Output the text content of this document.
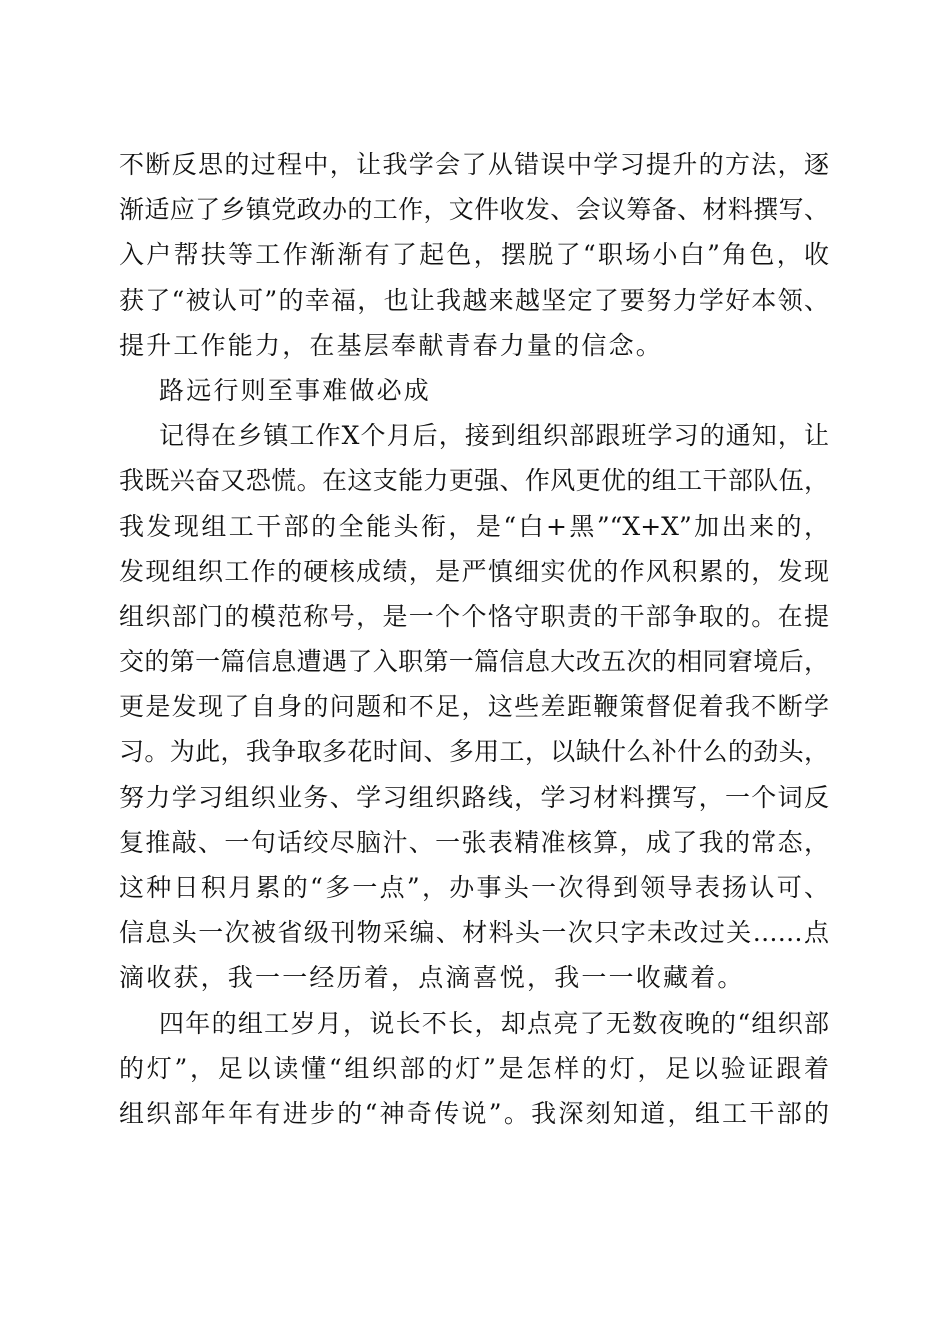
不断反思的过程中，让我学会了从错误中学习提升的方法，逐
渐适应了乡镇党政办的工作，文件收发、会议筹备、材料撰写、
入户帮扶等工作渐渐有了起色，摆脱了“职场小白”角色，收
获了“被认可”的幸福，也让我越来越坚定了要努力学好本领、
提升工作能力，在基层奉献青春力量的信念。
路远行则至事难做必成
记得在乡镇工作X个月后，接到组织部跟班学习的通知，让
我既兴奋又恐慌。在这支能力更强、作风更优的组工干部队伍，
我发现组工干部的全能头衔，是“白+黑”“X+X”加出来的，
发现组织工作的硬核成绩，是严慎细实优的作风积累的，发现
组织部门的模范称号，是一个个恪守职责的干部争取的。在提
交的第一篇信息遭遇了入职第一篇信息大改五次的相同窘境后，
更是发现了自身的问题和不足，这些差距鞭策督促着我不断学
习。为此，我争取多花时间、多用工，以缺什么补什么的劲头，
努力学习组织业务、学习组织路线，学习材料撰写，一个词反
复推敲、一句话绞尽脑汁、一张表精准核算，成了我的常态，
这种日积月累的“多一点”，办事头一次得到领导表扬认可、
信息头一次被省级刊物采编、材料头一次只字未改过关……点
滴收获，我一一经历着，点滴喜悦，我一一收藏着。
四年的组工岁月，说长不长，却点亮了无数夜晚的“组织部
的灯”，足以读懂“组织部的灯”是怎样的灯，足以验证跟着
组织部年年有进步的“神奇传说”。我深刻知道，组工干部的
